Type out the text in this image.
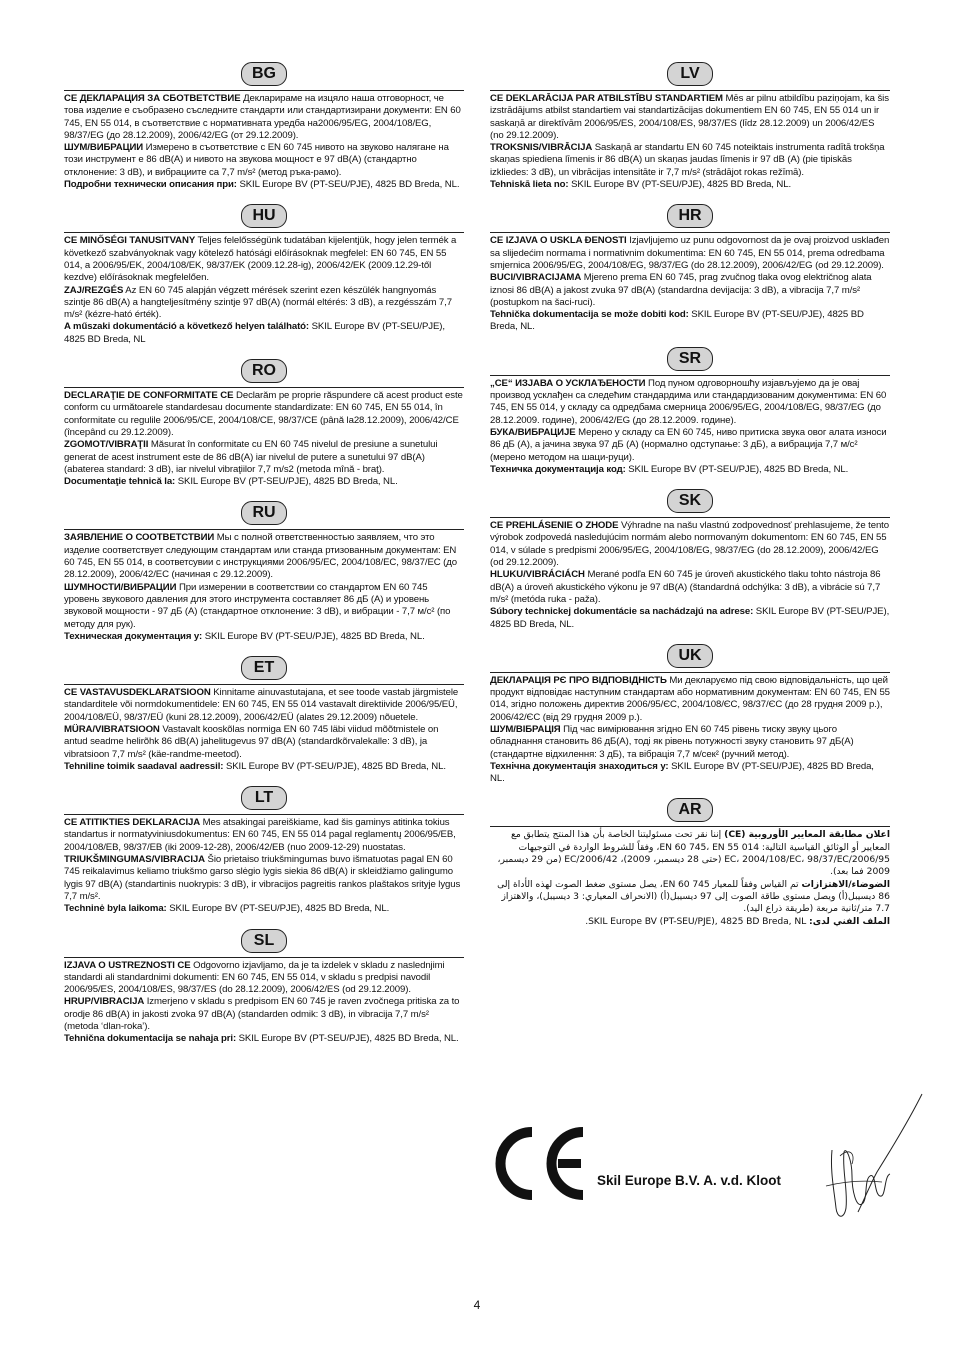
BG

CE ДЕКЛАРАЦИЯ ЗА СБОТВЕТСТВИЕ Декларираме на изцяло наша отговорност, че това изделие е съобразено съследните стандарти или стандартизирани документи: EN 60 745, EN 55 014, в съответствие с нормативната уредба на2006/95/EG, 2004/108/EG, 98/37/EG (до 28.12.2009), 2006/42/EG (от 29.12.2009).

ШУМ/ВИБРАЦИИ Измерено в съответствие с EN 60 745 нивото на звуково налягане на този инструмент е 86 dB(A) и нивото на звукова мощност е 97 dB(A) (стандартно отклонение: 3 dB), и вибрациите са 7,7 m/s² (метод ръка-рамо).

Подробни технически описания при: SKIL Europe BV (PT-SEU/PJE), 4825 BD Breda, NL.

HU

CE MINŐSÉGI TANUSITVANY Teljes felelősségünk tudatában kijelentjük, hogy jelen termék a következő szabványoknak vagy kötelező hatósági előírásoknak megfelel: EN 60 745, EN 55 014, a 2006/95/EK, 2004/108/EK, 98/37/EK (2009.12.28-ig), 2006/42/EK (2009.12.29-től kezdve) előírásoknak megfelelően.

ZAJ/REZGÉS Az EN 60 745 alapján végzett mérések szerint ezen készülék hangnyomás szintje 86 dB(A) a hangteljesítmény szintje 97 dB(A) (normál eltérés: 3 dB), a rezgésszám 7,7 m/s² (kézre-ható érték).

A műszaki dokumentáció a következő helyen található: SKIL Europe BV (PT-SEU/PJE), 4825 BD Breda, NL

RO

DECLARAŢIE DE CONFORMITATE CE Declarăm pe proprie răspundere că acest product este conform cu următoarele standardesau documente standardizate: EN 60 745, EN 55 014, în conformitate cu regulile 2006/95/CE, 2004/108/CE, 98/37/CE (până la28.12.2009), 2006/42/CE (începând cu 29.12.2009).

ZGOMOT/VIBRAŢII Măsurat în conformitate cu EN 60 745 nivelul de presiune a sunetului generat de acest instrument este de 86 dB(A) iar nivelul de putere a sunetului 97 dB(A) (abaterea standard: 3 dB), iar nivelul vibraţiilor 7,7 m/s2 (metoda mînă - braţ).

Documentaţie tehnică la: SKIL Europe BV (PT-SEU/PJE), 4825 BD Breda, NL.

RU

ЗАЯВЛЕНИЕ О СООТВЕТСТВИИ Мы с полной ответственностью заявляем, что это изделие соответствует следующим стандартам или станда ртизованным документам: EN 60 745, EN 55 014, в соответсувии с инструкциями 2006/95/EC, 2004/108/EC, 98/37/EC (до 28.12.2009), 2006/42/EC (начиная с 29.12.2009).

ШУМНОСТИ/ВИБРАЦИИ При измерении в соответствии со стандартом EN 60 745 уровень звукового давления для этого инструмента составляет 86 дБ (A) и уровень звуковой мощности - 97 дБ (A) (стандартное отклонение: 3 dB), и вибрации - 7,7 м/с² (по методу для рук).

Техническая документация у: SKIL Europe BV (PT-SEU/PJE), 4825 BD Breda, NL.

ET

CE VASTAVUSDEKLARATSIOON Kinnitame ainuvastutajana, et see toode vastab järgmistele standarditele või normdokumentidele: EN 60 745, EN 55 014 vastavalt direktiivide 2006/95/EÜ, 2004/108/EÜ, 98/37/EÜ (kuni 28.12.2009), 2006/42/EÜ (alates 29.12.2009) nõuetele.

MÜRA/VIBRATSIOON Vastavalt kooskõlas normiga EN 60 745 läbi viidud mõõtmistele on antud seadme helirõhk 86 dB(A) jahelitugevus 97 dB(A) (standardkõrvalekalle: 3 dB), ja vibratsioon 7,7 m/s² (käe-randme-meetod).

Tehniline toimik saadaval aadressil: SKIL Europe BV (PT-SEU/PJE), 4825 BD Breda, NL.

LT

CE ATITIKTIES DEKLARACIJA Mes atsakingai pareiškiame, kad šis gaminys atitinka tokius standartus ir normatyviniusdokumentus: EN 60 745, EN 55 014 pagal reglamentų 2006/95/EB, 2004/108/EB, 98/37/EB (iki 2009-12-28), 2006/42/EB (nuo 2009-12-29) nuostatas.

TRIUKŠMINGUMAS/VIBRACIJA Šio prietaiso triukšmingumas buvo išmatuotas pagal EN 60 745 reikalavimus keliamo triukšmo garso slėgio lygis siekia 86 dB(A) ir skleidžiamo galingumo lygis 97 dB(A) (standartinis nuokrypis: 3 dB), ir vibracijos pagreitis rankos plaštakos srityje lygus 7,7 m/s².

Techninė byla laikoma: SKIL Europe BV (PT-SEU/PJE), 4825 BD Breda, NL.

SL

IZJAVA O USTREZNOSTI CE Odgovorno izjavljamo, da je ta izdelek v skladu z naslednjimi standardi ali standardnimi dokumenti: EN 60 745, EN 55 014, v skladu s predpisi navodil 2006/95/ES, 2004/108/ES, 98/37/ES (do 28.12.2009), 2006/42/ES (od 29.12.2009).

HRUP/VIBRACIJA Izmerjeno v skladu s predpisom EN 60 745 je raven zvočnega pritiska za to orodje 86 dB(A) in jakosti zvoka 97 dB(A) (standarden odmik: 3 dB), in vibracija 7,7 m/s² (metoda ‘dlan-roka’).

Tehnična dokumentacija se nahaja pri: SKIL Europe BV (PT-SEU/PJE), 4825 BD Breda, NL.

LV

CE DEKLARĀCIJA PAR ATBILSTĪBU STANDARTIEM Mēs ar pilnu atbildību paziņojam, ka šis izstrādājums atbilst standartiem vai standartizācijas dokumentiem EN 60 745, EN 55 014 un ir saskaņā ar direktīvām 2006/95/ES, 2004/108/ES, 98/37/ES (līdz 28.12.2009) un 2006/42/ES (no 29.12.2009).

TROKSNIS/VIBRĀCIJA Saskaņā ar standartu EN 60 745 noteiktais instrumenta radītā trokšņa skaņas spiediena līmenis ir 86 dB(A) un skaņas jaudas līmenis ir 97 dB (A) (pie tipiskās izkliedes: 3 dB), un vibrācijas intensitāte ir 7,7 m/s² (strādājot rokas režīmā).

Tehniskā lieta no: SKIL Europe BV (PT-SEU/PJE), 4825 BD Breda, NL.

HR

CE IZJAVA O USKLA ĐENOSTI Izjavljujemo uz punu odgovornost da je ovaj proizvod usklađen sa slijedećim normama i normativnim dokumentima: EN 60 745, EN 55 014, prema odredbama smjernica 2006/95/EG, 2004/108/EG, 98/37/EG (do 28.12.2009), 2006/42/EG (od 29.12.2009).

BUCI/VIBRACIJAMA Mjereno prema EN 60 745, prag zvučnog tlaka ovog električnog alata iznosi 86 dB(A) a jakost zvuka 97 dB(A) (standardna devijacija: 3 dB), a vibracija 7,7 m/s² (postupkom na šaci-ruci).

Tehnička dokumentacija se može dobiti kod: SKIL Europe BV (PT-SEU/PJE), 4825 BD Breda, NL.

SR

„CE“ ИЗЈАВА О УСКЛАЂЕНОСТИ Под пуном одговорношћу изјављујемо да је овај производ усклађен са следећим стандардима или стандардизованим документима: EN 60 745, EN 55 014, у складу са одредбама смерница 2006/95/EG, 2004/108/EG, 98/37/EG (до 28.12.2009. године), 2006/42/EG (до 28.12.2009. године).

БУКА/ВИБРАЦИЈЕ Мерено у складу са EN 60 745, ниво притиска звука овог алата износи 86 дБ (A), а јачина звука 97 дБ (A) (нормално одступање: 3 дБ), а вибрација 7,7 м/с² (мерено методом на шаци-руци).

Техничка документација код: SKIL Europe BV (PT-SEU/PJE), 4825 BD Breda, NL.

SK

CE PREHLÁSENIE O ZHODE Výhradne na našu vlastnú zodpovednosť prehlasujeme, že tento výrobok zodpovedá nasledujúcim normám alebo normovaným dokumentom: EN 60 745, EN 55 014, v súlade s predpismi 2006/95/EG, 2004/108/EG, 98/37/EG (do 28.12.2009), 2006/42/EG (od 29.12.2009).

HLUKU/VIBRÁCIÁCH Merané podľa EN 60 745 je úroveň akustického tlaku tohto nástroja 86 dB(A) a úroveň akustického výkonu je 97 dB(A) (štandardná odchýlka: 3 dB), a vibrácie sú 7,7 m/s² (metóda ruka - paža).

Súbory technickej dokumentácie sa nachádzajú na adrese: SKIL Europe BV (PT-SEU/PJE), 4825 BD Breda, NL.

UK

ДЕКЛАРАЦІЯ РЄ ПРО ВІДПОВІДНІСТЬ Ми декларуємо під свою відповідальність, що цей продукт відповідає наступним стандартам або нормативним документам: EN 60 745, EN 55 014, згідно положень директив 2006/95/ЄС, 2004/108/ЄС, 98/37/ЄС (до 28 грудня 2009 р.), 2006/42/ЄС (від 29 грудня 2009 р.).

ШУМ/ВІБРАЦІЯ Під час вимірювання згідно EN 60 745 рівень тиску звуку цього обладнання становить 86 дБ(A), тоді як рівень потужності звуку становить 97 дБ(A) (стандартне відхилення: 3 дБ), та вібрація 7,7 м/сек² (ручний метод).

Технічна документація знаходиться у: SKIL Europe BV (PT-SEU/PJE), 4825 BD Breda, NL.

AR

اعلان مطابقة المعايير الأوروبية (CE) إننا نقر تحت مسئوليتنا الخاصة بأن هذا المنتج يتطابق مع المعايير أو الوثائق القياسية التالية: EN 60 745، EN 55 014، وفقاً للشروط الواردة في التوجيهات 2006/95/EC، 2004/108/EC، 98/37/EC (حتى 28 ديسمبر، 2009)، 2006/42/EC (من 29 ديسمبر، 2009 فما بعد).

الضوضاء/الاهتزازات تم القياس وفقاً للمعيار EN 60 745، يصل مستوى ضغط الصوت لهذه الأداة إلى 86 ديسيبل(أ) ويصل مستوى طاقة الصوت إلى 97 ديسيبل(أ) (الانحراف المعياري: 3 ديسيبل)، والاهتزاز 7.7 متر/ثانية مربعة (طريقة ذراع اليد).

الملف الفني لدى: SKIL Europe BV (PT-SEU/PJE), 4825 BD Breda, NL.

Skil Europe B.V. A. v.d. Kloot
4
